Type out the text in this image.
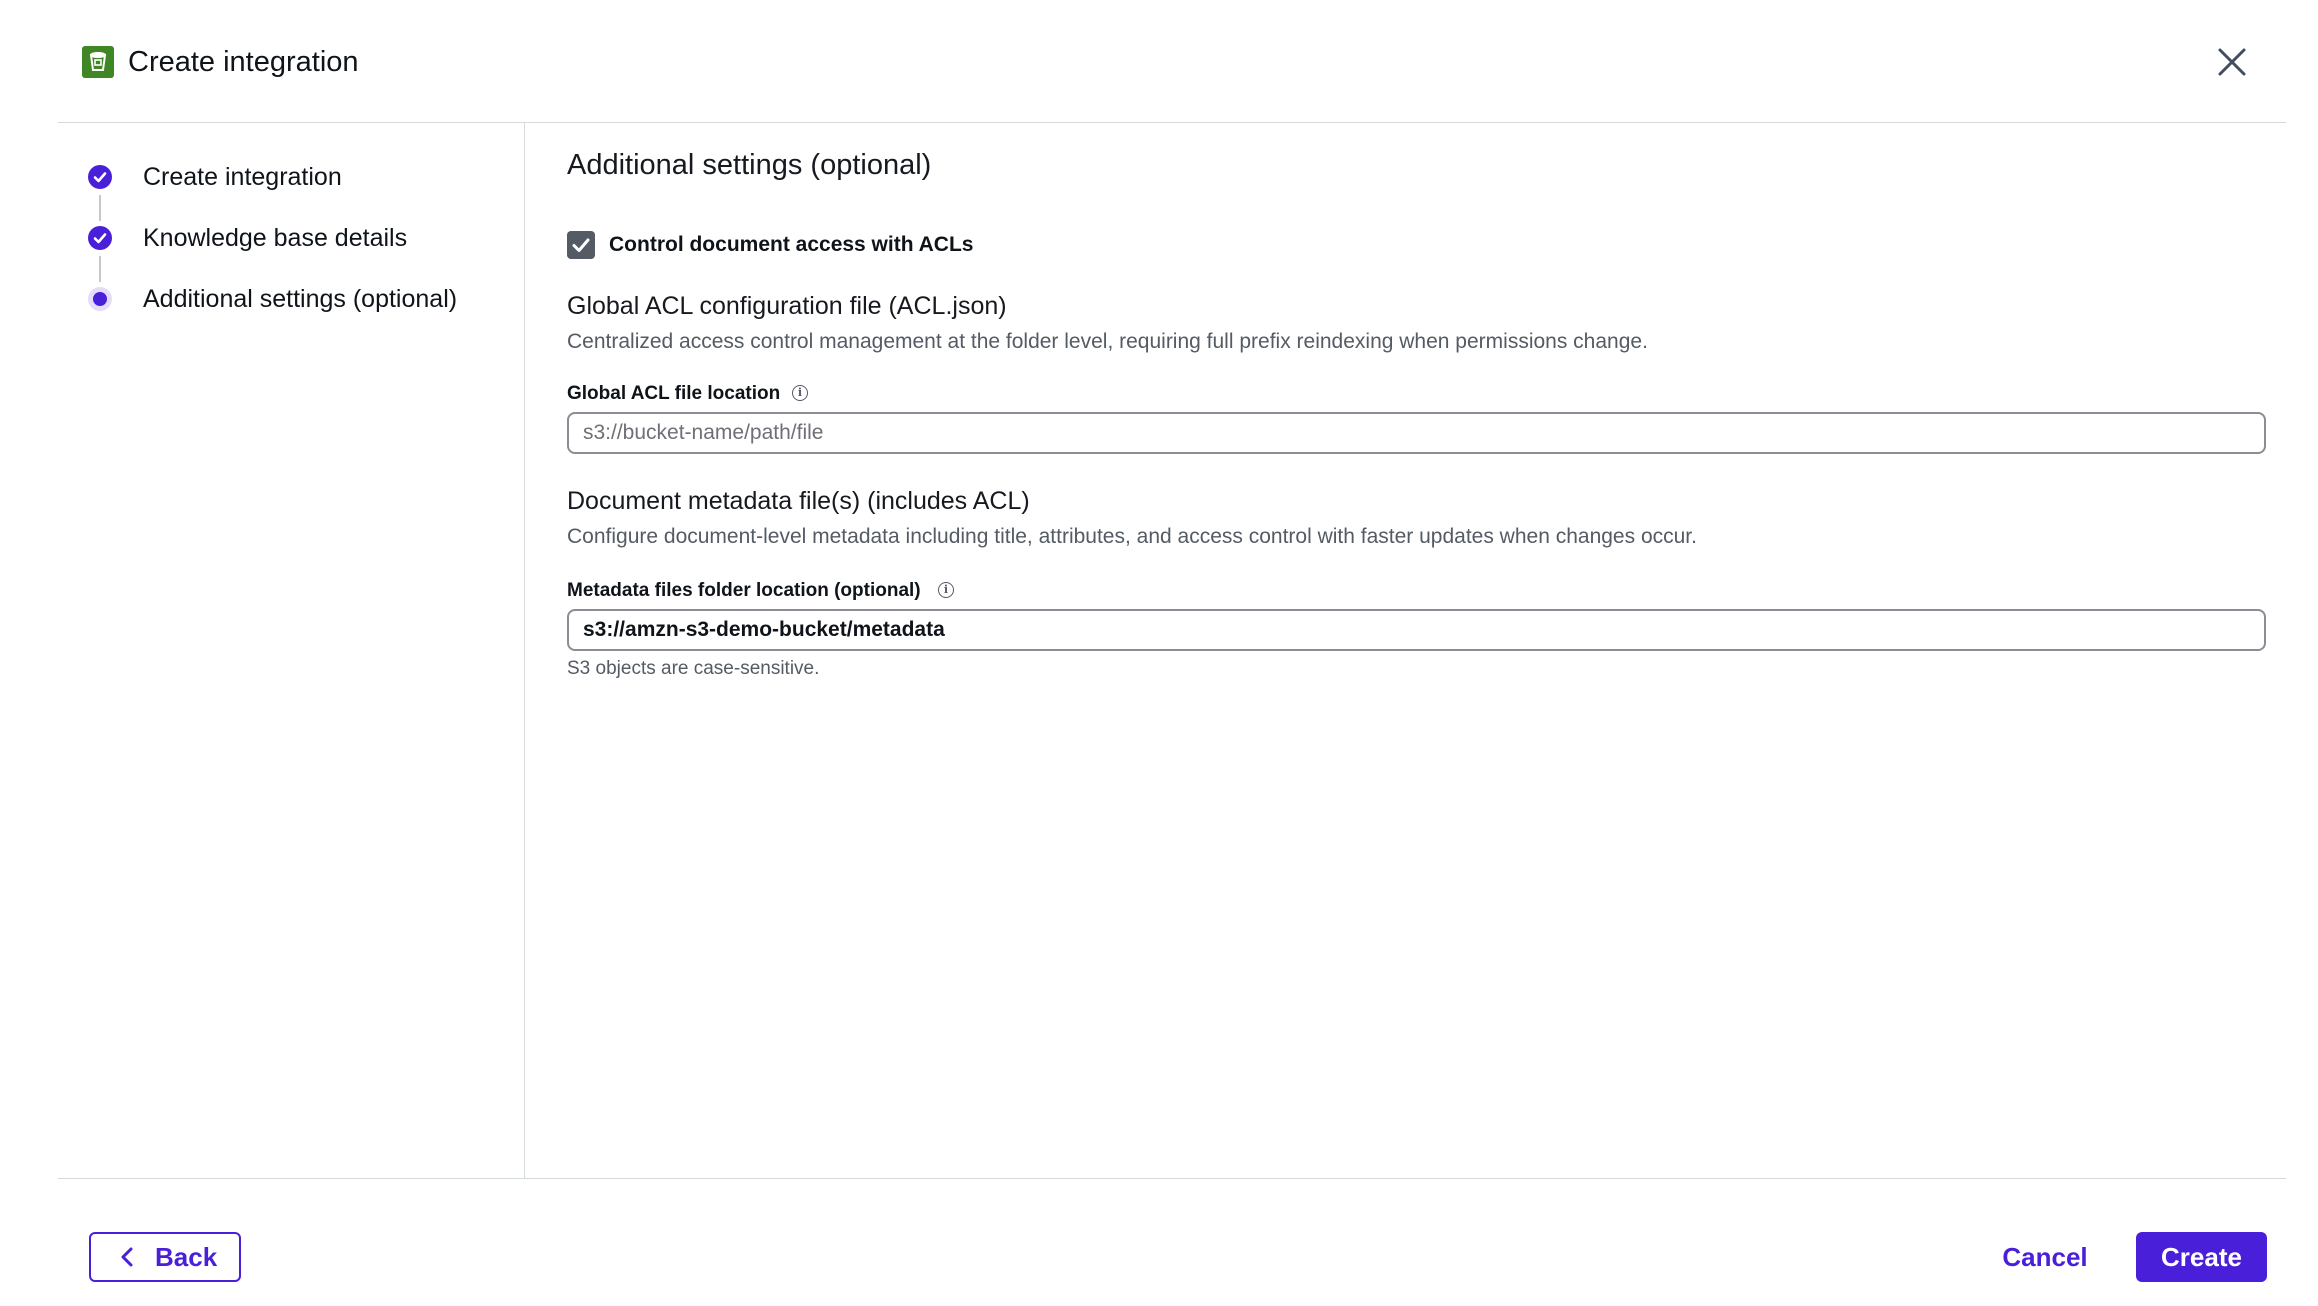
Create integration
Create integration
Knowledge base details
Additional settings (optional)
Additional settings (optional)
Control document access with ACLs
Global ACL configuration file (ACL.json)
Centralized access control management at the folder level, requiring full prefix reindexing when permissions change.
Global ACL file location	i
s3://bucket-name/path/file
Document metadata file(s) (includes ACL)
Configure document-level metadata including title, attributes, and access control with faster updates when changes occur.
Metadata files folder location (optional)	i
s3://amzn-s3-demo-bucket/metadata
S3 objects are case-sensitive.
Back	Cancel	Create
